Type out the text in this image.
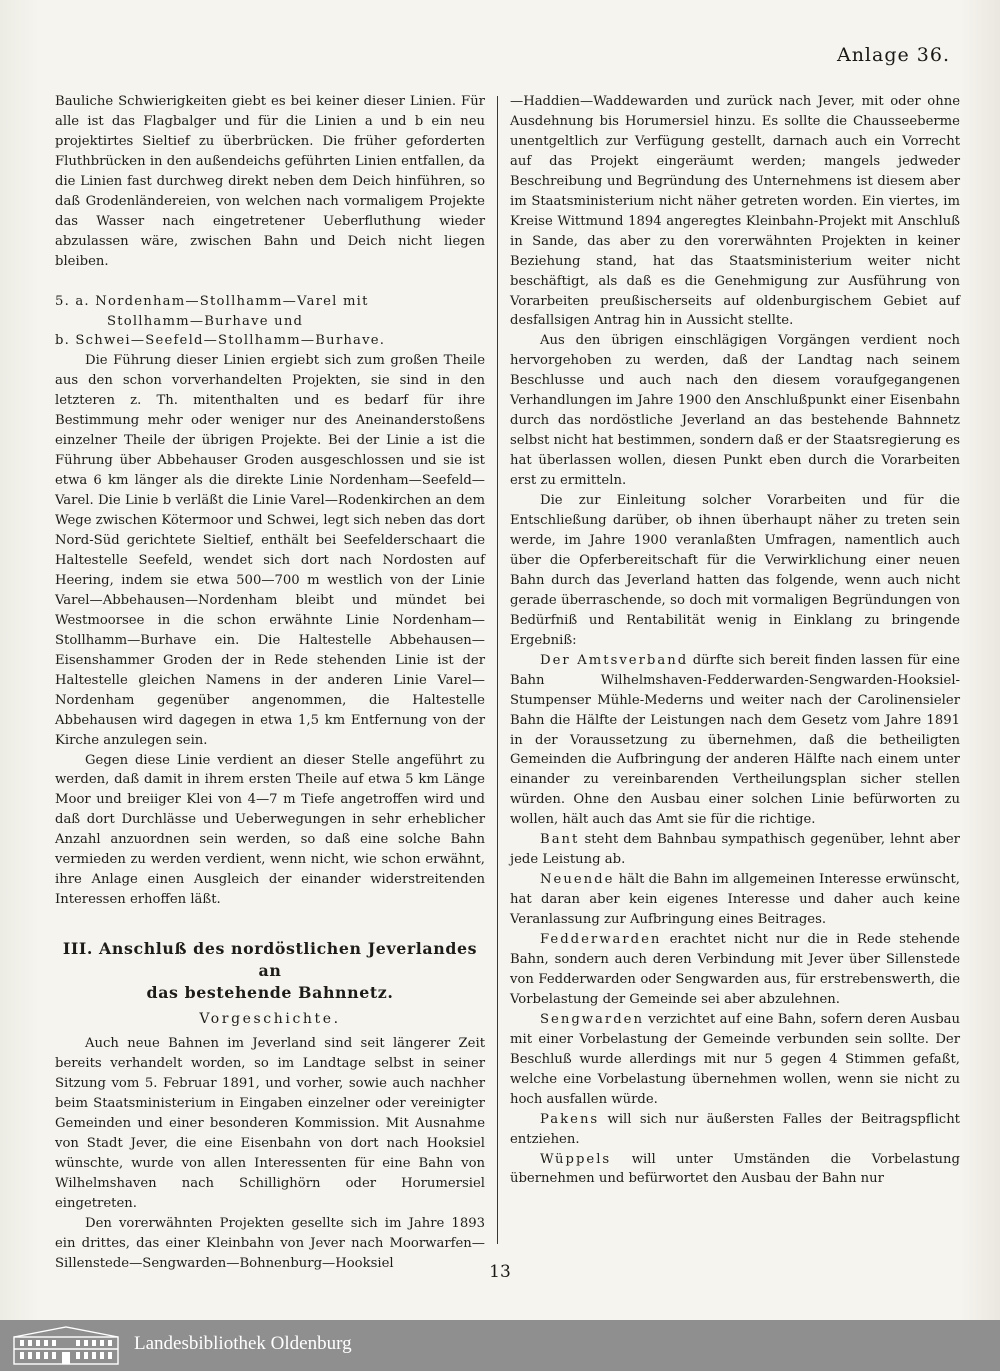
Anlage 36.

Bauliche Schwierigkeiten giebt es bei keiner dieser Linien. Für alle ist das Flagbalger und für die Linien a und b ein neu projektirtes Sieltief zu überbrücken. Die früher geforderten Fluthbrücken in den außendeichs geführten Linien entfallen, da die Linien fast durchweg direkt neben dem Deich hinführen, so daß Grodenländereien, von welchen nach vormaligem Projekte das Wasser nach eingetretener Ueberfluthung wieder abzulassen wäre, zwischen Bahn und Deich nicht liegen bleiben.

5. a. Nordenham—Stollhamm—Varel mit
Stollhamm—Burhave und
b. Schwei—Seefeld—Stollhamm—Burhave.

Die Führung dieser Linien ergiebt sich zum großen Theile aus den schon vorverhandelten Projekten, sie sind in den letzteren z. Th. mitenthalten und es bedarf für ihre Bestimmung mehr oder weniger nur des Aneinanderstoßens einzelner Theile der übrigen Projekte. Bei der Linie a ist die Führung über Abbehauser Groden ausgeschlossen und sie ist etwa 6 km länger als die direkte Linie Nordenham—Seefeld—Varel. Die Linie b verläßt die Linie Varel—Rodenkirchen an dem Wege zwischen Kötermoor und Schwei, legt sich neben das dort Nord-Süd gerichtete Sieltief, enthält bei Seefelderschaart die Haltestelle Seefeld, wendet sich dort nach Nordosten auf Heering, indem sie etwa 500—700 m westlich von der Linie Varel—Abbehausen—Nordenham bleibt und mündet bei Westmoorsee in die schon erwähnte Linie Nordenham—Stollhamm—Burhave ein. Die Haltestelle Abbehausen—Eisenshammer Groden der in Rede stehenden Linie ist der Haltestelle gleichen Namens in der anderen Linie Varel—Nordenham gegenüber angenommen, die Haltestelle Abbehausen wird dagegen in etwa 1,5 km Entfernung von der Kirche anzulegen sein.

Gegen diese Linie verdient an dieser Stelle angeführt zu werden, daß damit in ihrem ersten Theile auf etwa 5 km Länge Moor und breiiger Klei von 4—7 m Tiefe angetroffen wird und daß dort Durchlässe und Ueberwegungen in sehr erheblicher Anzahl anzuordnen sein werden, so daß eine solche Bahn vermieden zu werden verdient, wenn nicht, wie schon erwähnt, ihre Anlage einen Ausgleich der einander widerstreitenden Interessen erhoffen läßt.

III. Anschluß des nordöstlichen Jeverlandes an
das bestehende Bahnnetz.
Vorgeschichte.

Auch neue Bahnen im Jeverland sind seit längerer Zeit bereits verhandelt worden, so im Landtage selbst in seiner Sitzung vom 5. Februar 1891, und vorher, sowie auch nachher beim Staatsministerium in Eingaben einzelner oder vereinigter Gemeinden und einer besonderen Kommission. Mit Ausnahme von Stadt Jever, die eine Eisenbahn von dort nach Hooksiel wünschte, wurde von allen Interessenten für eine Bahn von Wilhelmshaven nach Schillighörn oder Horumersiel eingetreten.

Den vorerwähnten Projekten gesellte sich im Jahre 1893 ein drittes, das einer Kleinbahn von Jever nach Moorwarfen—Sillenstede—Sengwarden—Bohnenburg—Hooksiel

—Haddien—Waddewarden und zurück nach Jever, mit oder ohne Ausdehnung bis Horumersiel hinzu. Es sollte die Chausseeberme unentgeltlich zur Verfügung gestellt, darnach auch ein Vorrecht auf das Projekt eingeräumt werden; mangels jedweder Beschreibung und Begründung des Unternehmens ist diesem aber im Staatsministerium nicht näher getreten worden. Ein viertes, im Kreise Wittmund 1894 angeregtes Kleinbahn-Projekt mit Anschluß in Sande, das aber zu den vorerwähnten Projekten in keiner Beziehung stand, hat das Staatsministerium weiter nicht beschäftigt, als daß es die Genehmigung zur Ausführung von Vorarbeiten preußischerseits auf oldenburgischem Gebiet auf desfallsigen Antrag hin in Aussicht stellte.

Aus den übrigen einschlägigen Vorgängen verdient noch hervorgehoben zu werden, daß der Landtag nach seinem Beschlusse und auch nach den diesem voraufgegangenen Verhandlungen im Jahre 1900 den Anschlußpunkt einer Eisenbahn durch das nordöstliche Jeverland an das bestehende Bahnnetz selbst nicht hat bestimmen, sondern daß er der Staatsregierung es hat überlassen wollen, diesen Punkt eben durch die Vorarbeiten erst zu ermitteln.

Die zur Einleitung solcher Vorarbeiten und für die Entschließung darüber, ob ihnen überhaupt näher zu treten sein werde, im Jahre 1900 veranlaßten Umfragen, namentlich auch über die Opferbereitschaft für die Verwirklichung einer neuen Bahn durch das Jeverland hatten das folgende, wenn auch nicht gerade überraschende, so doch mit vormaligen Begründungen von Bedürfniß und Rentabilität wenig in Einklang zu bringende Ergebniß:

Der Amtsverband dürfte sich bereit finden lassen für eine Bahn Wilhelmshaven-Fedderwarden-Sengwarden-Hooksiel-Stumpenser Mühle-Mederns und weiter nach der Carolinensieler Bahn die Hälfte der Leistungen nach dem Gesetz vom Jahre 1891 in der Voraussetzung zu übernehmen, daß die betheiligten Gemeinden die Aufbringung der anderen Hälfte nach einem unter einander zu vereinbarenden Vertheilungsplan sicher stellen würden. Ohne den Ausbau einer solchen Linie befürworten zu wollen, hält auch das Amt sie für die richtige.

Bant steht dem Bahnbau sympathisch gegenüber, lehnt aber jede Leistung ab.

Neuende hält die Bahn im allgemeinen Interesse erwünscht, hat daran aber kein eigenes Interesse und daher auch keine Veranlassung zur Aufbringung eines Beitrages.

Fedderwarden erachtet nicht nur die in Rede stehende Bahn, sondern auch deren Verbindung mit Jever über Sillenstede von Fedderwarden oder Sengwarden aus, für erstrebenswerth, die Vorbelastung der Gemeinde sei aber abzulehnen.

Sengwarden verzichtet auf eine Bahn, sofern deren Ausbau mit einer Vorbelastung der Gemeinde verbunden sein sollte. Der Beschluß wurde allerdings mit nur 5 gegen 4 Stimmen gefaßt, welche eine Vorbelastung übernehmen wollen, wenn sie nicht zu hoch ausfallen würde.

Pakens will sich nur äußersten Falles der Beitragspflicht entziehen.

Wüppels will unter Umständen die Vorbelastung übernehmen und befürwortet den Ausbau der Bahn nur

13
Landesbibliothek Oldenburg
